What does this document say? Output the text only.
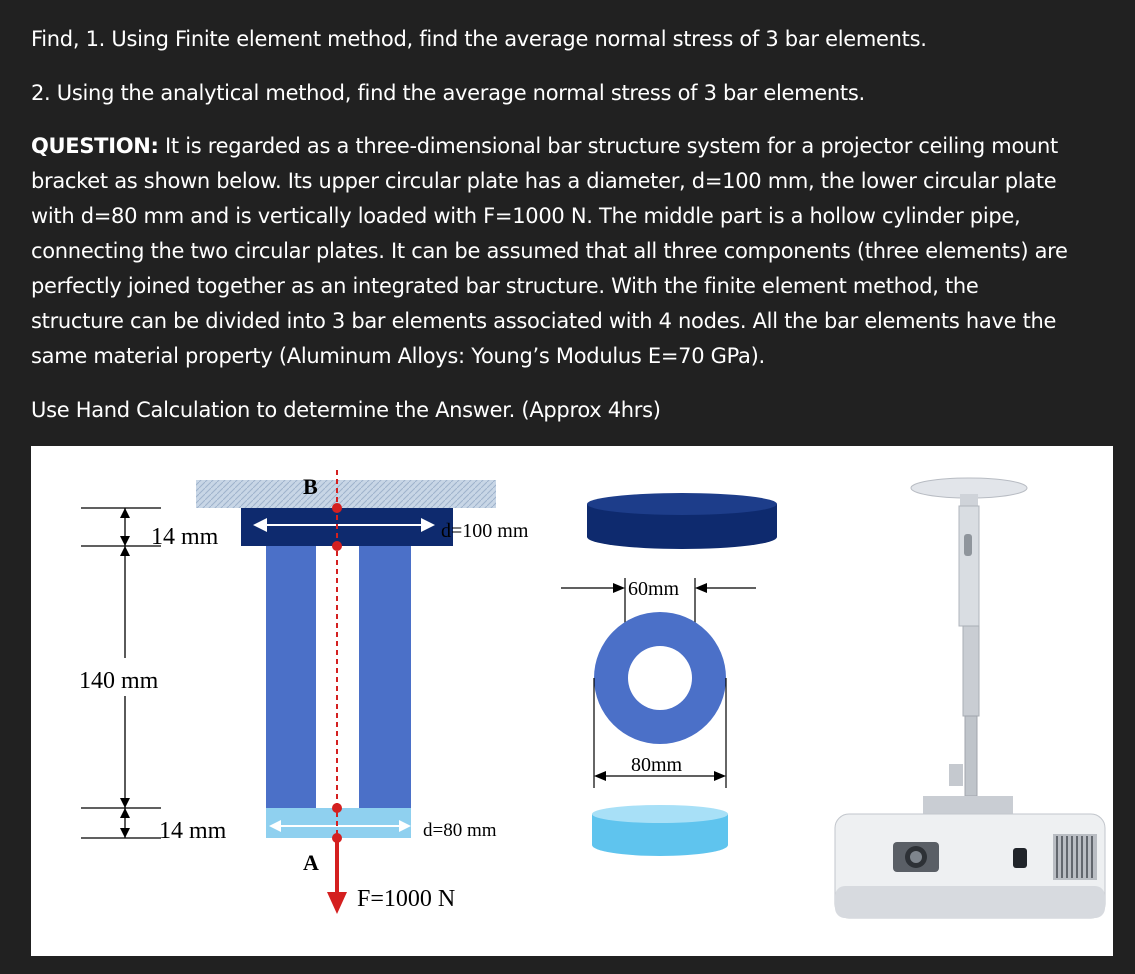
Find, 1. Using Finite element method, find the average normal stress of 3 bar elements.

2. Using the analytical method, find the average normal stress of 3 bar elements.

QUESTION: It is regarded as a three-dimensional bar structure system for a projector ceiling mount

bracket as shown below. Its upper circular plate has a diameter, d=100 mm, the lower circular plate

with d=80 mm and is vertically loaded with F=1000 N. The middle part is a hollow cylinder pipe,

connecting the two circular plates. It can be assumed that all three components (three elements) are

perfectly joined together as an integrated bar structure. With the finite element method, the

structure can be divided into 3 bar elements associated with 4 nodes. All the bar elements have the

same material property (Aluminum Alloys: Young’s Modulus E=70 GPa).

Use Hand Calculation to determine the Answer. (Approx 4hrs)

B
A
d=100 mm
d=80 mm
F=1000 N
14 mm
140 mm
14 mm
60mm
80mm
